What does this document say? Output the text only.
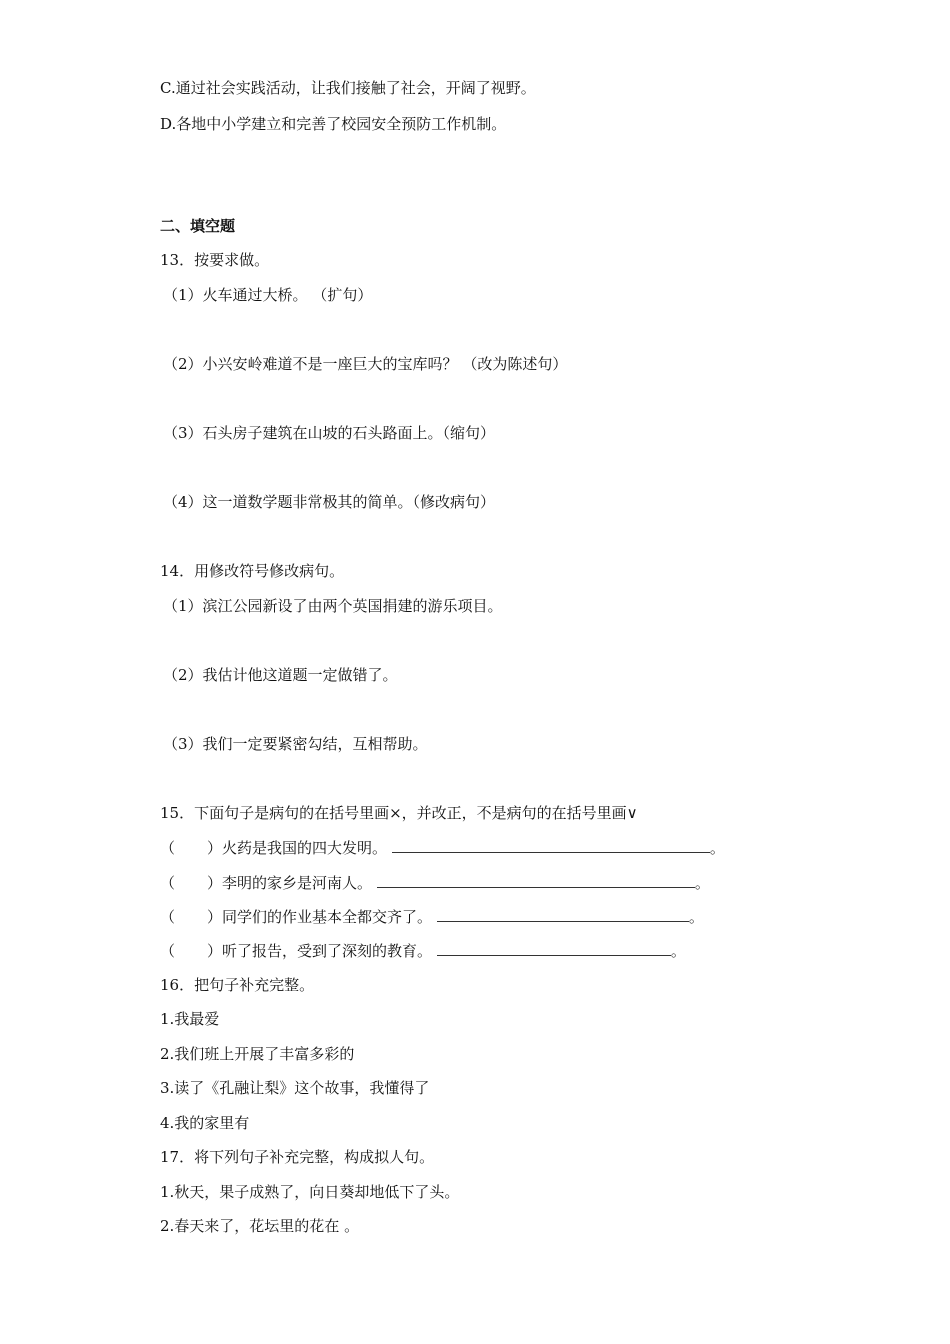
C.通过社会实践活动，让我们接触了社会，开阔了视野。
D.各地中小学建立和完善了校园安全预防工作机制。
二、填空题
13．按要求做。
（1）火车通过大桥。 （扩句）
（2）小兴安岭难道不是一座巨大的宝库吗？ （改为陈述句）
（3）石头房子建筑在山坡的石头路面上。（缩句）
（4）这一道数学题非常极其的简单。（修改病句）
14．用修改符号修改病句。
（1）滨江公园新设了由两个英国捐建的游乐项目。
（2）我估计他这道题一定做错了。
（3）我们一定要紧密勾结，互相帮助。
15．下面句子是病句的在括号里画×，并改正，不是病句的在括号里画∨
（ ）火药是我国的四大发明。	。
（ ）李明的家乡是河南人。	。
（ ）同学们的作业基本全都交齐了。	。
（ ）听了报告，受到了深刻的教育。	。
16．把句子补充完整。
1.我最爱
2.我们班上开展了丰富多彩的
3.读了《孔融让梨》这个故事，我懂得了
4.我的家里有
17．将下列句子补充完整，构成拟人句。
1.秋天，果子成熟了，向日葵却地低下了头。
2.春天来了，花坛里的花在 。
